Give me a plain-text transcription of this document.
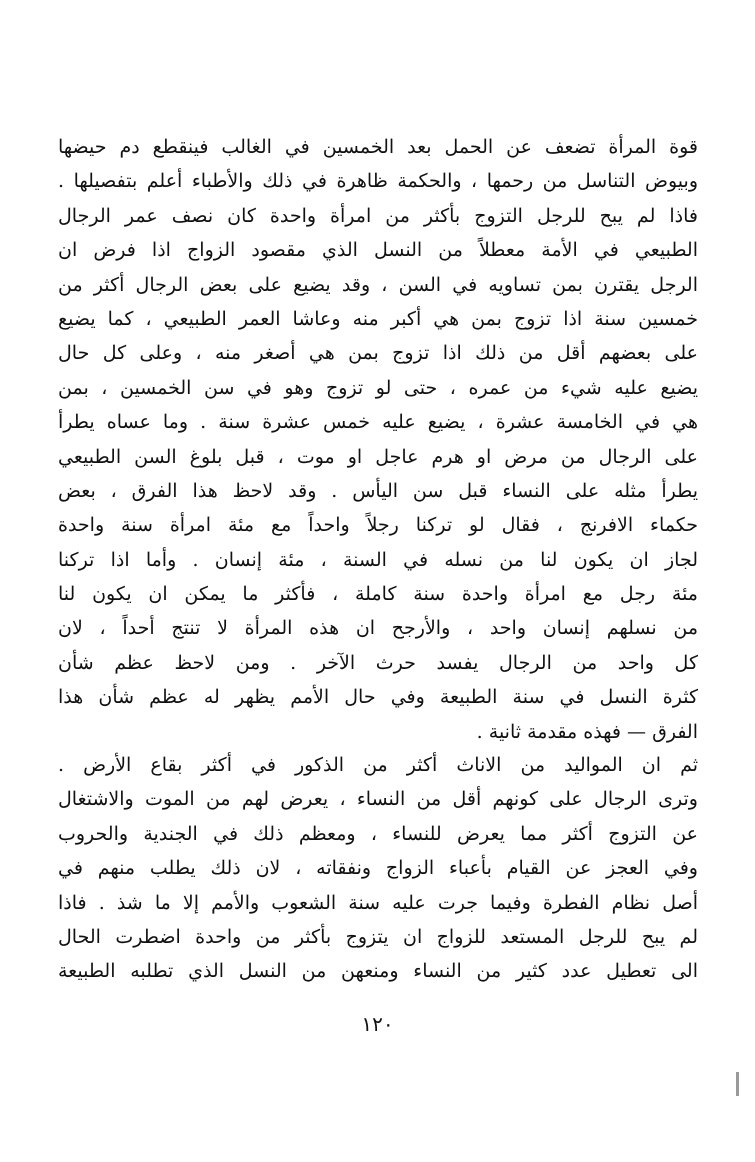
قوة المرأة تضعف عن الحمل بعد الخمسين في الغالب فينقطع دم حيضها
وبيوض التناسل من رحمها ، والحكمة ظاهرة في ذلك والأطباء أعلم بتفصيلها .
فاذا لم يبح للرجل التزوج بأكثر من امرأة واحدة كان نصف عمر الرجال
الطبيعي في الأمة معطلاً من النسل الذي مقصود الزواج اذا فرض ان
الرجل يقترن بمن تساويه في السن ، وقد يضيع على بعض الرجال أكثر من
خمسين سنة اذا تزوج بمن هي أكبر منه وعاشا العمر الطبيعي ، كما يضيع
على بعضهم أقل من ذلك اذا تزوج بمن هي أصغر منه ، وعلى كل حال
يضيع عليه شيء من عمره ، حتى لو تزوج وهو في سن الخمسين ، بمن
هي في الخامسة عشرة ، يضيع عليه خمس عشرة سنة . وما عساه يطرأ
على الرجال من مرض او هرم عاجل او موت ، قبل بلوغ السن الطبيعي
يطرأ مثله على النساء قبل سن اليأس . وقد لاحظ هذا الفرق ، بعض
حكماء الافرنج ، فقال لو تركنا رجلاً واحداً مع مئة امرأة سنة واحدة
لجاز ان يكون لنا من نسله في السنة ، مئة إنسان . وأما اذا تركنا
مئة رجل مع امرأة واحدة سنة كاملة ، فأكثر ما يمكن ان يكون لنا
من نسلهم إنسان واحد ، والأرجح ان هذه المرأة لا تنتج أحداً ، لان
كل واحد من الرجال يفسد حرث الآخر . ومن لاحظ عظم شأن
كثرة النسل في سنة الطبيعة وفي حال الأمم يظهر له عظم شأن هذا
الفرق — فهذه مقدمة ثانية .
ثم ان المواليد من الاناث أكثر من الذكور في أكثر بقاع الأرض .
وترى الرجال على كونهم أقل من النساء ، يعرض لهم من الموت والاشتغال
عن التزوج أكثر مما يعرض للنساء ، ومعظم ذلك في الجندية والحروب
وفي العجز عن القيام بأعباء الزواج ونفقاته ، لان ذلك يطلب منهم في
أصل نظام الفطرة وفيما جرت عليه سنة الشعوب والأمم إلا ما شذ . فاذا
لم يبح للرجل المستعد للزواج ان يتزوج بأكثر من واحدة اضطرت الحال
الى تعطيل عدد كثير من النساء ومنعهن من النسل الذي تطلبه الطبيعة
١٢٠
